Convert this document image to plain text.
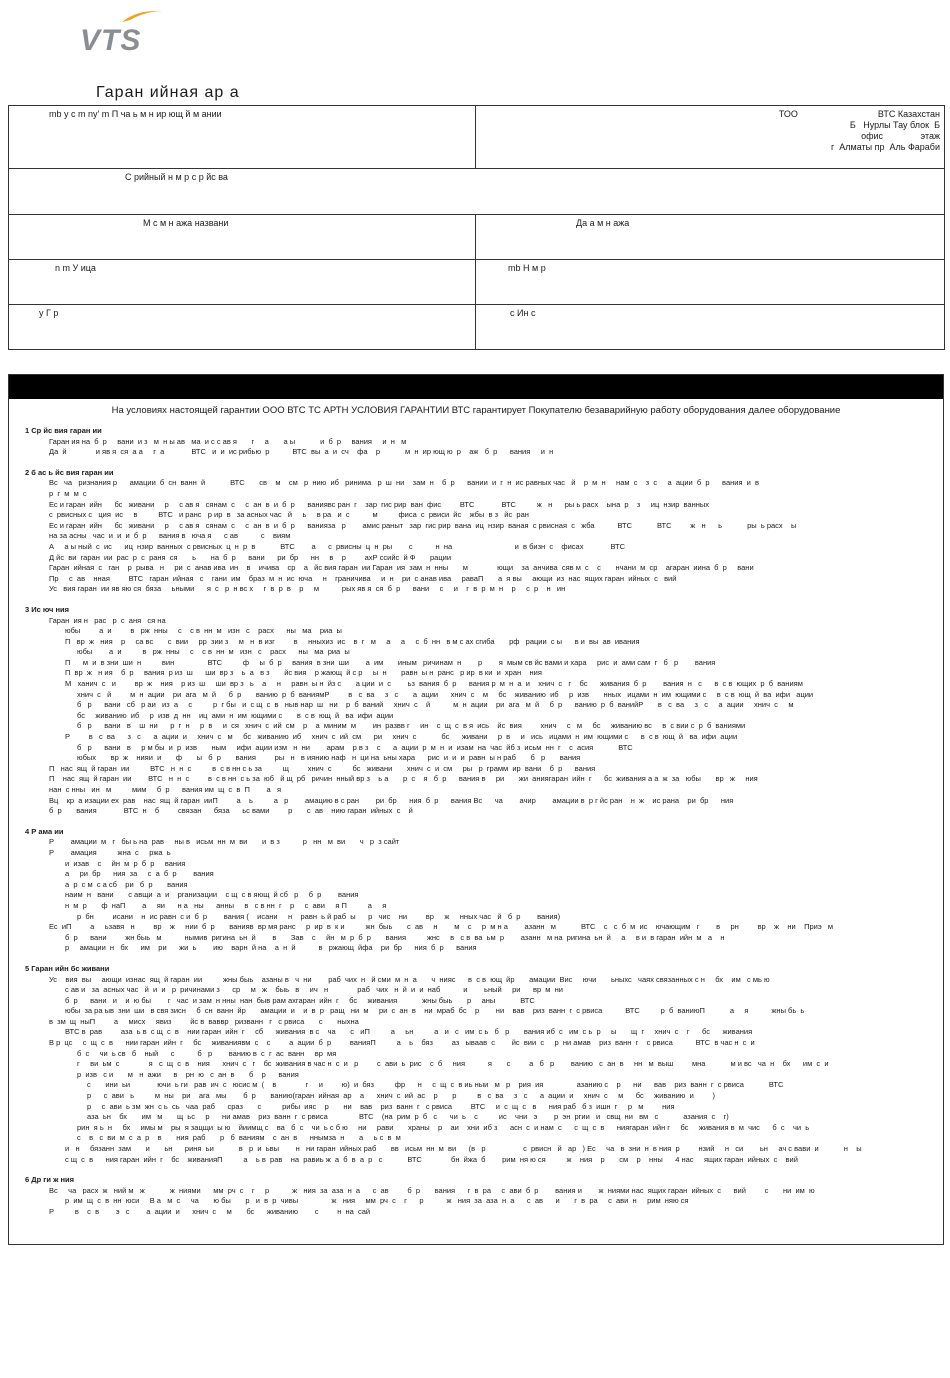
VTS
Гаран ийная ар а
mb y c m ny' m П ча ь м н ир ющ й м ании	ТОО                                ВТС Казахстан
Б   Нурлы Тау блок  Б
офис               этаж
г  Алматы пр  Аль Фараби

С рийный н м р с р йс ва	

М с м н ажа названи	Да а м н ажа

n m У ица	mb Н м р

у Г р	с Ин с
На условиях настоящей гарантии ООО ВТС ТС АРТН УСЛОВИЯ ГАРАНТИИ ВТС гарантирует Покупателю безаварийную работу оборудования далее оборудование
1 Ср йс вия гаран ии
Гаран ия на  б  р     вани  и з   м  н ы ав   ма  и с с ав я       г     а       а ы            и  б  р     вания     и  н   м
Да  й              и яв я  ся  а а     г  а             ВТС   и  и  ис рибью  р           ВТС  вы  а  и  сч    фа    р            м  н  ир ющ ю  р    аж   б  р      вания     и  н
2 б ас ь йс вия гаран ии
Вс   ча   ризнания р      амации  б  сн  ванн  й            ВТС       св    м    см   р  нию  иб   ринима   р  ш  ни    зам  н    б  р      вании  и  г  н  ис равных час   й    р  м  н     нам  с    з  с     а  ации  б  р      вания  и  в
р  г  м  м  с
Ес и гаран  ийн      бс   живани     р     с ав я   сянам  с     с  ан  в  и  б  р      ваниявс ран  г    зар  гис рир  ван  фис         ВТС             ВТС          ж   н      ры ь расх    ына  р    з     иц  нзир  ванных
с  рвисных с   ция  ис     в          ВТС   и ранс   р ир  в   за асных час   й     ь     в ра   и  с           м          фиса  с  рвиси  йс    жбы  в з   йс  ран
Ес и гаран  ийн      бс   живани     р     с ав я   сянам  с     с  ан  в  и  б  р      ванияза   р        амис раныт   зар  гис рир  вана  иц  нзир  ваная  с рвисная  с   жба           ВТС            ВТС         ж   н      ь            ры  ь расх    ы
на за асны   час  и  и  и  б  р      вания в   юча я      с ав           с    виям
А     а ы ный  с  ис      иц  нзир  ванных  с рвисных  ц  н  р  в            ВТС        а      с  рвисны  ц  н  ры        с           н  на                              и  в бизн  с    фисах             ВТС
Д йс  ви  гаран  ии  рас  р  с  раня  ся       ь       на  б  р      вани      ри  бр      нн     в    р         ахР ссийс  й Ф       рации
Гаран  ийная  с   ган    р  рыва   н     ри  с  анав ива  ин    в    ичива    ср    а   йс вия гаран  ии Гаран  ия  зам  н  нны       м              ющи    за  анчива  сяв м  с    с       нчани  м  ср    агаран  иина  б  р     вани
Пр     с  ав    нная         ВТС   гаран  ийная   с    гани  им    браз  м  н  ис  юча     н    граничива     и  н    ри  с анав ива     раваП       а  я вы     ающи  из  нас  ящих гаран  ийных  с   вий
Ус   вия гаран  ии яв яю ся  бяза     ьными      я  с   р  н вс х     г  в  р  в    р     м           рых яв я  ся  б  р      вани     с     и    г  в  р  м  н    р     с  р    н   ин
3 Ис юч ния
Гаран  ия н   рас   р  с  аня   ся на
юбы         а  и         в   рж  нны     с    с в  нн  м   изн   с    расх      ны   ма    риа  ы
П   вр  ж   ния    р     са вс       с  вии     рр  зии з     м   н  в изг         в     нныхиз  ис    в  г   м     а     а     с  б  нн   в м с ах сгиба       рф   рации  с ы      в и  вы  ав  ивания
юбы        а  и          в   рж  нны     с    с в  нн  м   изн   с    расх      ны   ма  риа  ы
П      м  и  в зни  ши  н          вин                ВТС          ф     ы  б  р     вания  в зни  ши        а  им       иным   ричинам  н        р        я  мым св йс вами и хара     рис  и  ами сам  г   б   р        вания
П  вр  ж   н ия    б  р     вания  р из  ш      ши  вр з    ь  а   в з       йс вия    р жающ  й с р     ы  н       равн  ы н  ранс   р ир  в ки  и  хран    ния
М   ханич  с   и         вр  ж    ния    р из  ш     ши  вр з   ь    а     н     равн  ы н  йз с       а ции  и  с        ьз  вания  б  р      вания р  м  н  а  и    хнич  с   г    бс      живания  б  р        вания  н   с      в  с в  ющих  р  б  ваниям
хнич  с   й         м  н  ации    ри  ага   м  й      б  р       ванию  р  б  ваниямР         в   с  ва     з   с       а  ации      хнич  с    м     бс    живанию  иб     р  изв       нных   ицами  н  им  ющими с     в  с в  ющ  й  ва  ифи   ации
б   р      вани   сб   р аи   из  а     с          р  г бы   и  с щ  с  в   ныв нар  ш   ни    р  б  ваний     хнич  с    й           м  н  ации    ри  ага   м  й     б  р      ванию  р  б  ванийР       в   с  ва     з   с     а  ации     хнич  с     м
бс     живанию  иб     р  изв  д  нн    иц  ами  н  им  ющими с       в  с в  ющ  й   ва  ифи  ации
б   р      вани   в    ш  ни      р  г  н     р  в     и  ся   хнич  с  ий  см    р    а  миним  м        ин  развв г     ин    с  щ  с  в я  ись    йс  вия         хнич     с   м     бс     живанию вс     в  с вии с  р  б  ваниями
Р         в   с  ва      з   с      а  ации  и     хнич  с   м     бс   живанию  иб     хнич  с  ий  см      ри     хнич  с            бс      живани     р  в     и   ись   ицами  н  им  ющими с      в  с в  ющ  й   ва  ифи  ации
б   р      вани   в     р м бы  и  р  изв       ным     ифи  ации изм   н  ни        арам    р в з    с      а  ации  р  м  н  и  изам  на  час  йб з  исьм  нн  г    с  асия            ВТС
юбых       вр  ж    нияи  и       ф       ы   б  р       вания         ры   н   в иянию наф   н  ци на  ьны хара      рис  и  и  и  равн  ы н раб       б   р       вания
П   нас  ящ  й гаран  ии          ВТС   н  н  с          в  с в нн с ь за          щ         хнич  с          бс   живани       хнич  с  и  см     ры   р  грамм  ир  вани    б  р      вания
П    нас  ящ  й гаран  ии        ВТС   н  н  с         в  с в нн  с ь за  юб   й щ  рб   ричин  нный вр з    ь а       р  с    я   б  р      вания в     ри       жи  аниягаран  ийн  г      бс  живания а а  ж  за   юбы       вр   ж     ния
нан  с нны   ин   м          мим     б  р      вания им  щ  с  в  П        а   я
Вц    кр  а изации ех  рав    нас  ящ  й гаран  ииП         а    ь          а   р        амацию в с ран        ри  бр      ния  б  р      вания Вс      ча        ачир        амации в  р г йс ран    н  ж    ис рана    ри  бр      ния
б  р       вания             ВТС  н    б         связан      бяза      ьс вами         р       с  ав    нию гаран  ийных  с    й
4 Р ама ии
Р        амации  м   г   бы ь на  рав     ны в   исьм  нн  м  ви       и  в з           р   нн   м  ви       ч   р  з сайт
Р        амация          жна  с     ржа  ь
и  изав    с     йн  м  р  б  р     вания
а     ри  бр      ния  за     с  а  б  р        вания
а  р  с м  с а сб    ри   б  р       вания
наим  н   вани       с авщи  а  и    рганизации    с щ  с в яющ  й сб   р     б  р        вания
н  м  р       ф  наП        а     яи      н а   ны      анны     в   с в нн  г    р     с  ави     я П          а     я
р  бн         исани    н  ис равн  с и  б  р        вания (    исани     н    равн  ь й раб  ы      р   чис    ни         вр     ж     нных час   й   б  р        вания)
Ес  иП         а     ьзавя   н         вр    ж     нии  б  р       ванияв  вр мя ранс     р  ир  в  к и          жн  быь       с  ав     н        м    с     р  м н а        азанн   м            ВТС    с   с  б  м  ис    ючающим   г        в     рн         вр    ж    ни    Приэ   м
б  р      вани         жн быь   м           нымив  ригина  ьн  й        в       Зав    с     йн   м  р  б  р       вания          жнс     в   с в  ва  ьм  р        азанн   м на  ригина  ьн  й     а     в и  в гаран  ийн  м   а    н
р     амации  н   бх      им    ри      жи  ь        ию    варн  й на    а  н  й           в   ржающ  йфа    ри  бр      ния  б  р      вания
5 Гаран ийн бс живани
Ус    вия  вы     ающи  изнас  ящ  й гаран  ии          жны быь    азаны в   ч  ни        раб  чих  н   й сми  м  н  а       ч  нияс      в  с в  ющ  йр       амации  Вис     ючи       ьныхс   чаях связанных с н     бх    им   с мь ю
с ав и   за  асных час   й  и  и   р  ричинами з      ср     м   ж    быь   в     ич   н              раб   чих   н  й  и  и  наб           и        ьный     ри      вр  м  ни
б  р      вани   и    и  ю бы        г   час  и зам  н нны  нан  быв рам ахгаран  ийн  г     бс     живания            жны быь       р     аны            ВТС
юбы  за ра ыв  зни  ши   в свя зисн     б  сн  ванн  йр       амации  и    и  в  р   ращ   ни  м     ри  с  ан  в    ни  мраб  бс    р        ни    вав    риз  ванн  г  с рвиса           ВТС          р  б  ваниюП            а     я           жны бь  ь
в  зм  щ  ныП         а     мисх     явиз         йс в  ваввр   ризванн   г   с рвиса       с       ныхна
ВТС в  рав         аза  ь в  с щ  с  в    нии гаран  ийн  г     сб      живания  в с    ча       с   иП          а     ьн          а   и   с   им  с ь   б   р       вания иб  с   им  с ь  р     ы       щ  г     хнич  с    г      бс      живания
В р  цс     с  щ  с  в      нии гаран  ийн  г     бс     живаниявм  с    с         а  ации  б  р         ванияП          а    ь    бяз         аз   ываав  с        йс  вии  с     р  ни амав    риз  ванн  г    с рвиса           ВТС  в час н  с  и
б  с     чи  ь св   б    ный      с           б   р        ванию в  с  г  ас  ванн     вр  мя
г     ви  ьм  с              я   с  щ  с  в    ния      хнич  с   г    бс  живания в час н  с  и   р         с  ави  ь  рис    с  б     ния           я       с         а   б   р        ванию   с  ан  в     нн   м  выш         мна            м и вс   ча  н    бх      им  с  и
р  изв   с и       м   н  ажи      в    рн  ю   с  ан  в       б    р      вания
с       ини  ьи             ючи  ь ги   рав  ич  с   юсис м  (    в              г     и         ю)  и  бяз          фр      н     с  щ  с  в иь ныи   м   р    рия  ия                азанию с    р      ни      вав    риз  ванн  г  с рвиса            ВТС
р      с  ави   ь          м  ны    ри    ага   мы        б  р       ванию(гаран  ийная  ар    а      хнич  с  ий  ас    р       р          в   с  ва     з   с      а  ации  и     хнич  с     м      бс     живанию  и         )
р     с  ави  ь зм  жн  с ь  сь   чаа  раб      сраз       с          рибы  ияс    р       ни    вав    риз  ванн  г   с рвиса         ВТС     и  с  щ  с   в      ния раб   б з  ишн  г     р   м         ния
аза  ьн    бх       им   м       щ  ьс     р      ни амав    риз  ванн  г  с рвиса               ВТС    (на  рим  р  б   с      чи  ь    с          ис    чни   э        р  эн  ргии   и   свщ  ни   вм   с            азания  с    г)
рин  я ь  н     бх     имы м    ры  я зацщи  ы ю    йиимщ с    ва   б  с    чи  ь с б ю     ни     рави       храны    р    аи    хни  иб з      асн  с  и нам  с      с  щ  с  в      ниягаран  ийн г     бс     живания в  м  чис      б  с    чи  ь
с    в   с  ви  м  с  а  р    в       ния  раб       р   б  ваниям    с  ан  в      ннымза  н       а     ь с  в  м
и   н     бязанн  зам       и       ьн      риня  ьи            в   р  и  ьвы        н   ни гаран  ийных раб       вв   исьм  нн  м  ви      (в   р                  с  рвисн   й   ар   ) Ес     ча   в  зни  н  в ния  р         нзий     н   си        ьн     ач с вави  и            н    ы
с щ  с  в      ния гаран  ийн  г    бс    живанияП          а    ь в  рав    на  равиь ж  а  б  в  а  р   с            ВТС              бн  йжа  б        рим  ня ю ся          ж    ния    р       см    р    нны      4 нас     ящих гаран  ийных  с    вий
6 Др ги ж ния
Вс     ча   расх  ж   ний м   ж            ж  ниями      мм  рч  с    г     р           ж   ния  за  аза  н  а      с  ав         б  р       вания      г  в  ра     с  ави  б  р        вания и        ж  ниями нас  ящих гаран  ийных  с      вий         с       ни  им  ю
р  им  щ  с  в  нн  юси     В а   м  с     ча       ю бы       р   и  в  р  чивы                ж   ния     мм  рч  с    г      р           ж   ния  за  аза  н  а      с  ав      и       г  в  ра     с  ави  н     рим  няю ся
Р          в    с  в        э   с        а  ации  и      хнич  с     м       бс      живанию        с         н  на  сай
